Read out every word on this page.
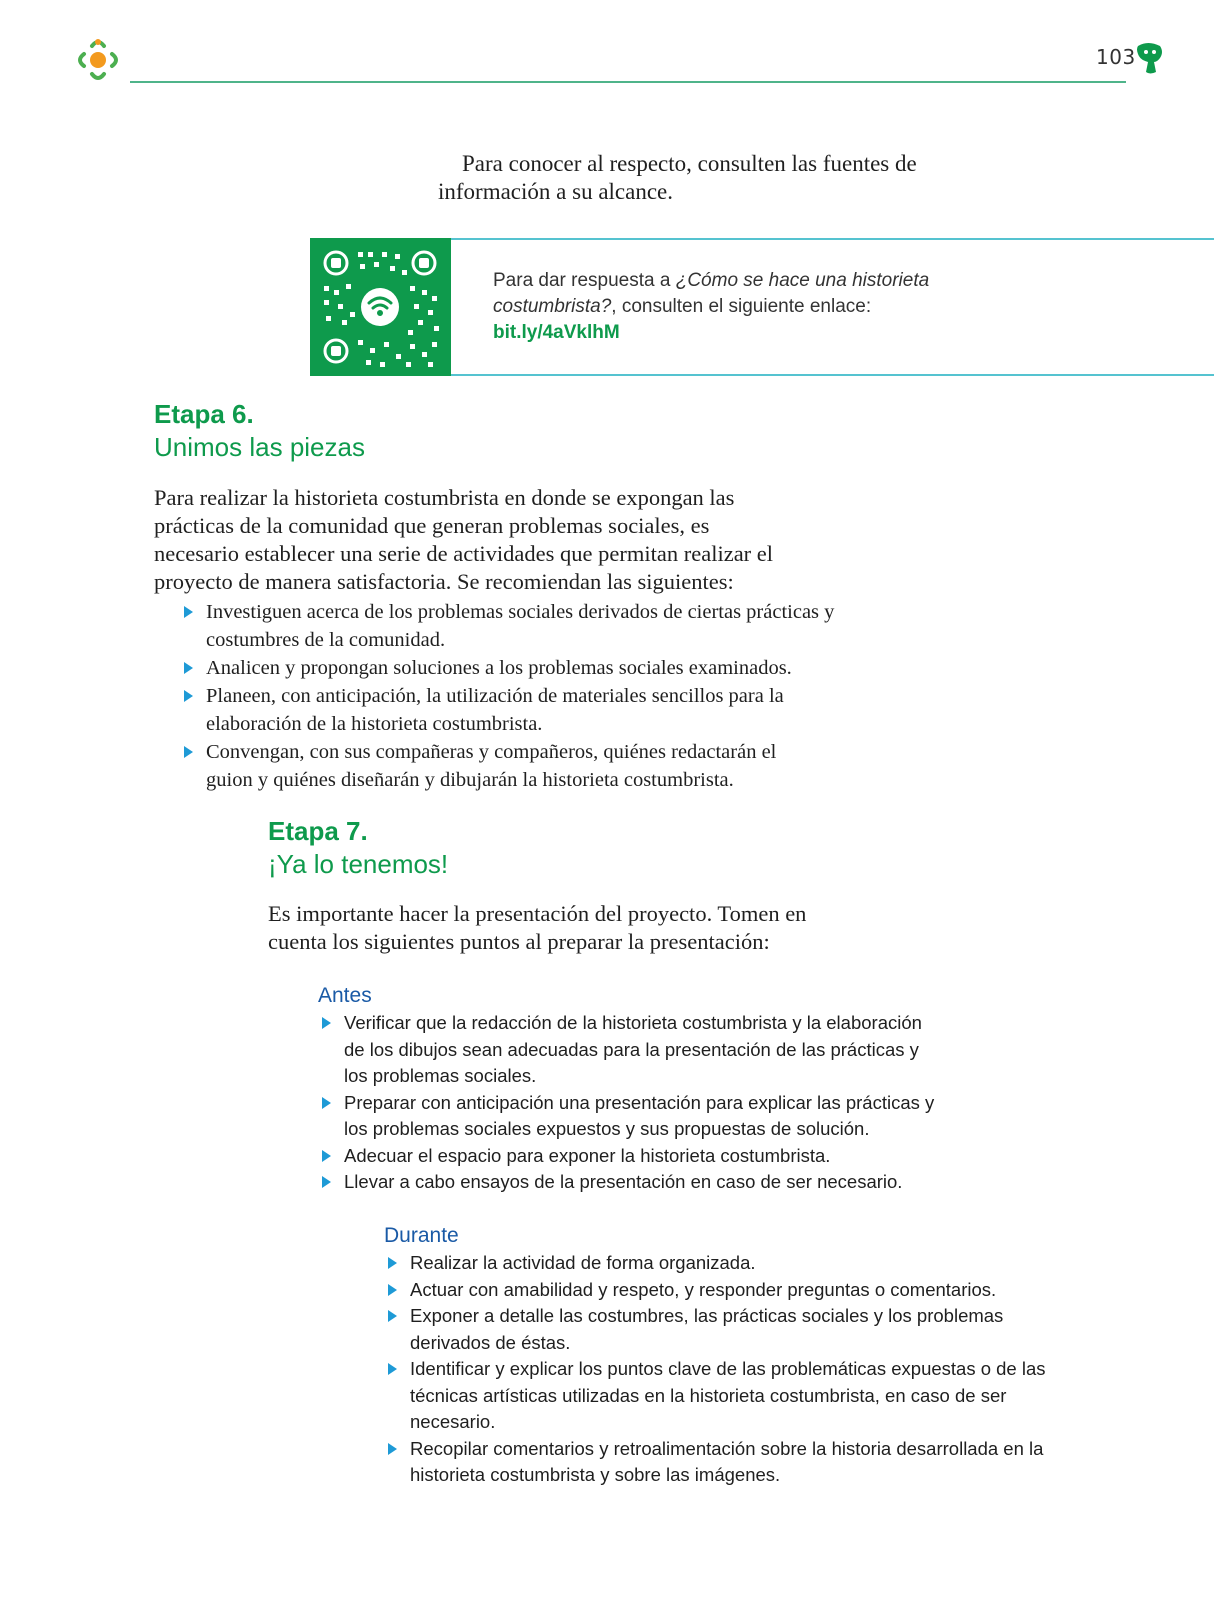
103

Para conocer al respecto, consulten las fuentes de información a su alcance.

Para dar respuesta a ¿Cómo se hace una historieta costumbrista?, consulten el siguiente enlace:
bit.ly/4aVklhM
Etapa 6.
Unimos las piezas

Para realizar la historieta costumbrista en donde se expongan las prácticas de la comunidad que generan problemas sociales, es necesario establecer una serie de actividades que permitan realizar el proyecto de manera satisfactoria. Se recomiendan las siguientes:

Investiguen acerca de los problemas sociales derivados de ciertas prácticas y costumbres de la comunidad.
Analicen y propongan soluciones a los problemas sociales examinados.
Planeen, con anticipación, la utilización de materiales sencillos para la elaboración de la historieta costumbrista.
Convengan, con sus compañeras y compañeros, quiénes redactarán el guion y quiénes diseñarán y dibujarán la historieta costumbrista.
Etapa 7.
¡Ya lo tenemos!

Es importante hacer la presentación del proyecto. Tomen en cuenta los siguientes puntos al preparar la presentación:

Antes
Verificar que la redacción de la historieta costumbrista y la elaboración de los dibujos sean adecuadas para la presentación de las prácticas y los problemas sociales.
Preparar con anticipación una presentación para explicar las prácticas y los problemas sociales expuestos y sus propuestas de solución.
Adecuar el espacio para exponer la historieta costumbrista.
Llevar a cabo ensayos de la presentación en caso de ser necesario.
Durante
Realizar la actividad de forma organizada.
Actuar con amabilidad y respeto, y responder preguntas o comentarios.
Exponer a detalle las costumbres, las prácticas sociales y los problemas derivados de éstas.
Identificar y explicar los puntos clave de las problemáticas expuestas o de las técnicas artísticas utilizadas en la historieta costumbrista, en caso de ser necesario.
Recopilar comentarios y retroalimentación sobre la historia desarrollada en la historieta costumbrista y sobre las imágenes.
